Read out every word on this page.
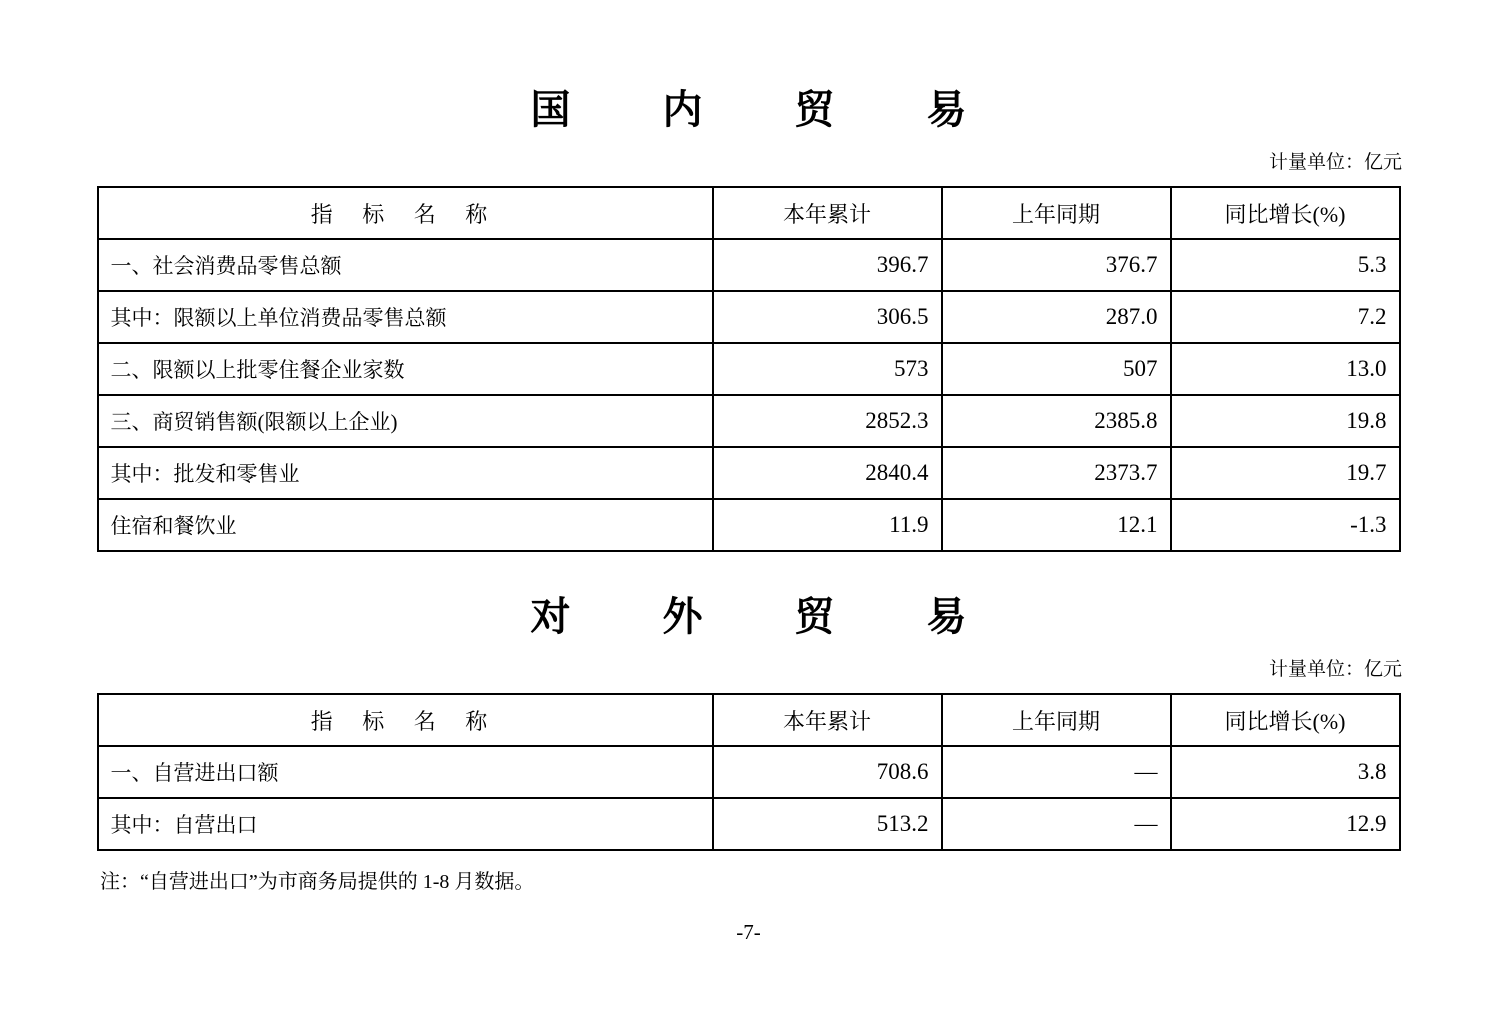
国　内　贸　易
计量单位：亿元
指 标 名 称	本年累计	上年同期	同比增长(%)
一、社会消费品零售总额	396.7	376.7	5.3
其中：限额以上单位消费品零售总额	306.5	287.0	7.2
二、限额以上批零住餐企业家数	573	507	13.0
三、商贸销售额(限额以上企业)	2852.3	2385.8	19.8
其中：批发和零售业	2840.4	2373.7	19.7
住宿和餐饮业	11.9	12.1	-1.3
对　外　贸　易
计量单位：亿元
指 标 名 称	本年累计	上年同期	同比增长(%)
一、自营进出口额	708.6	—	3.8
其中：自营出口	513.2	—	12.9
注：“自营进出口”为市商务局提供的 1-8 月数据。
-7-
